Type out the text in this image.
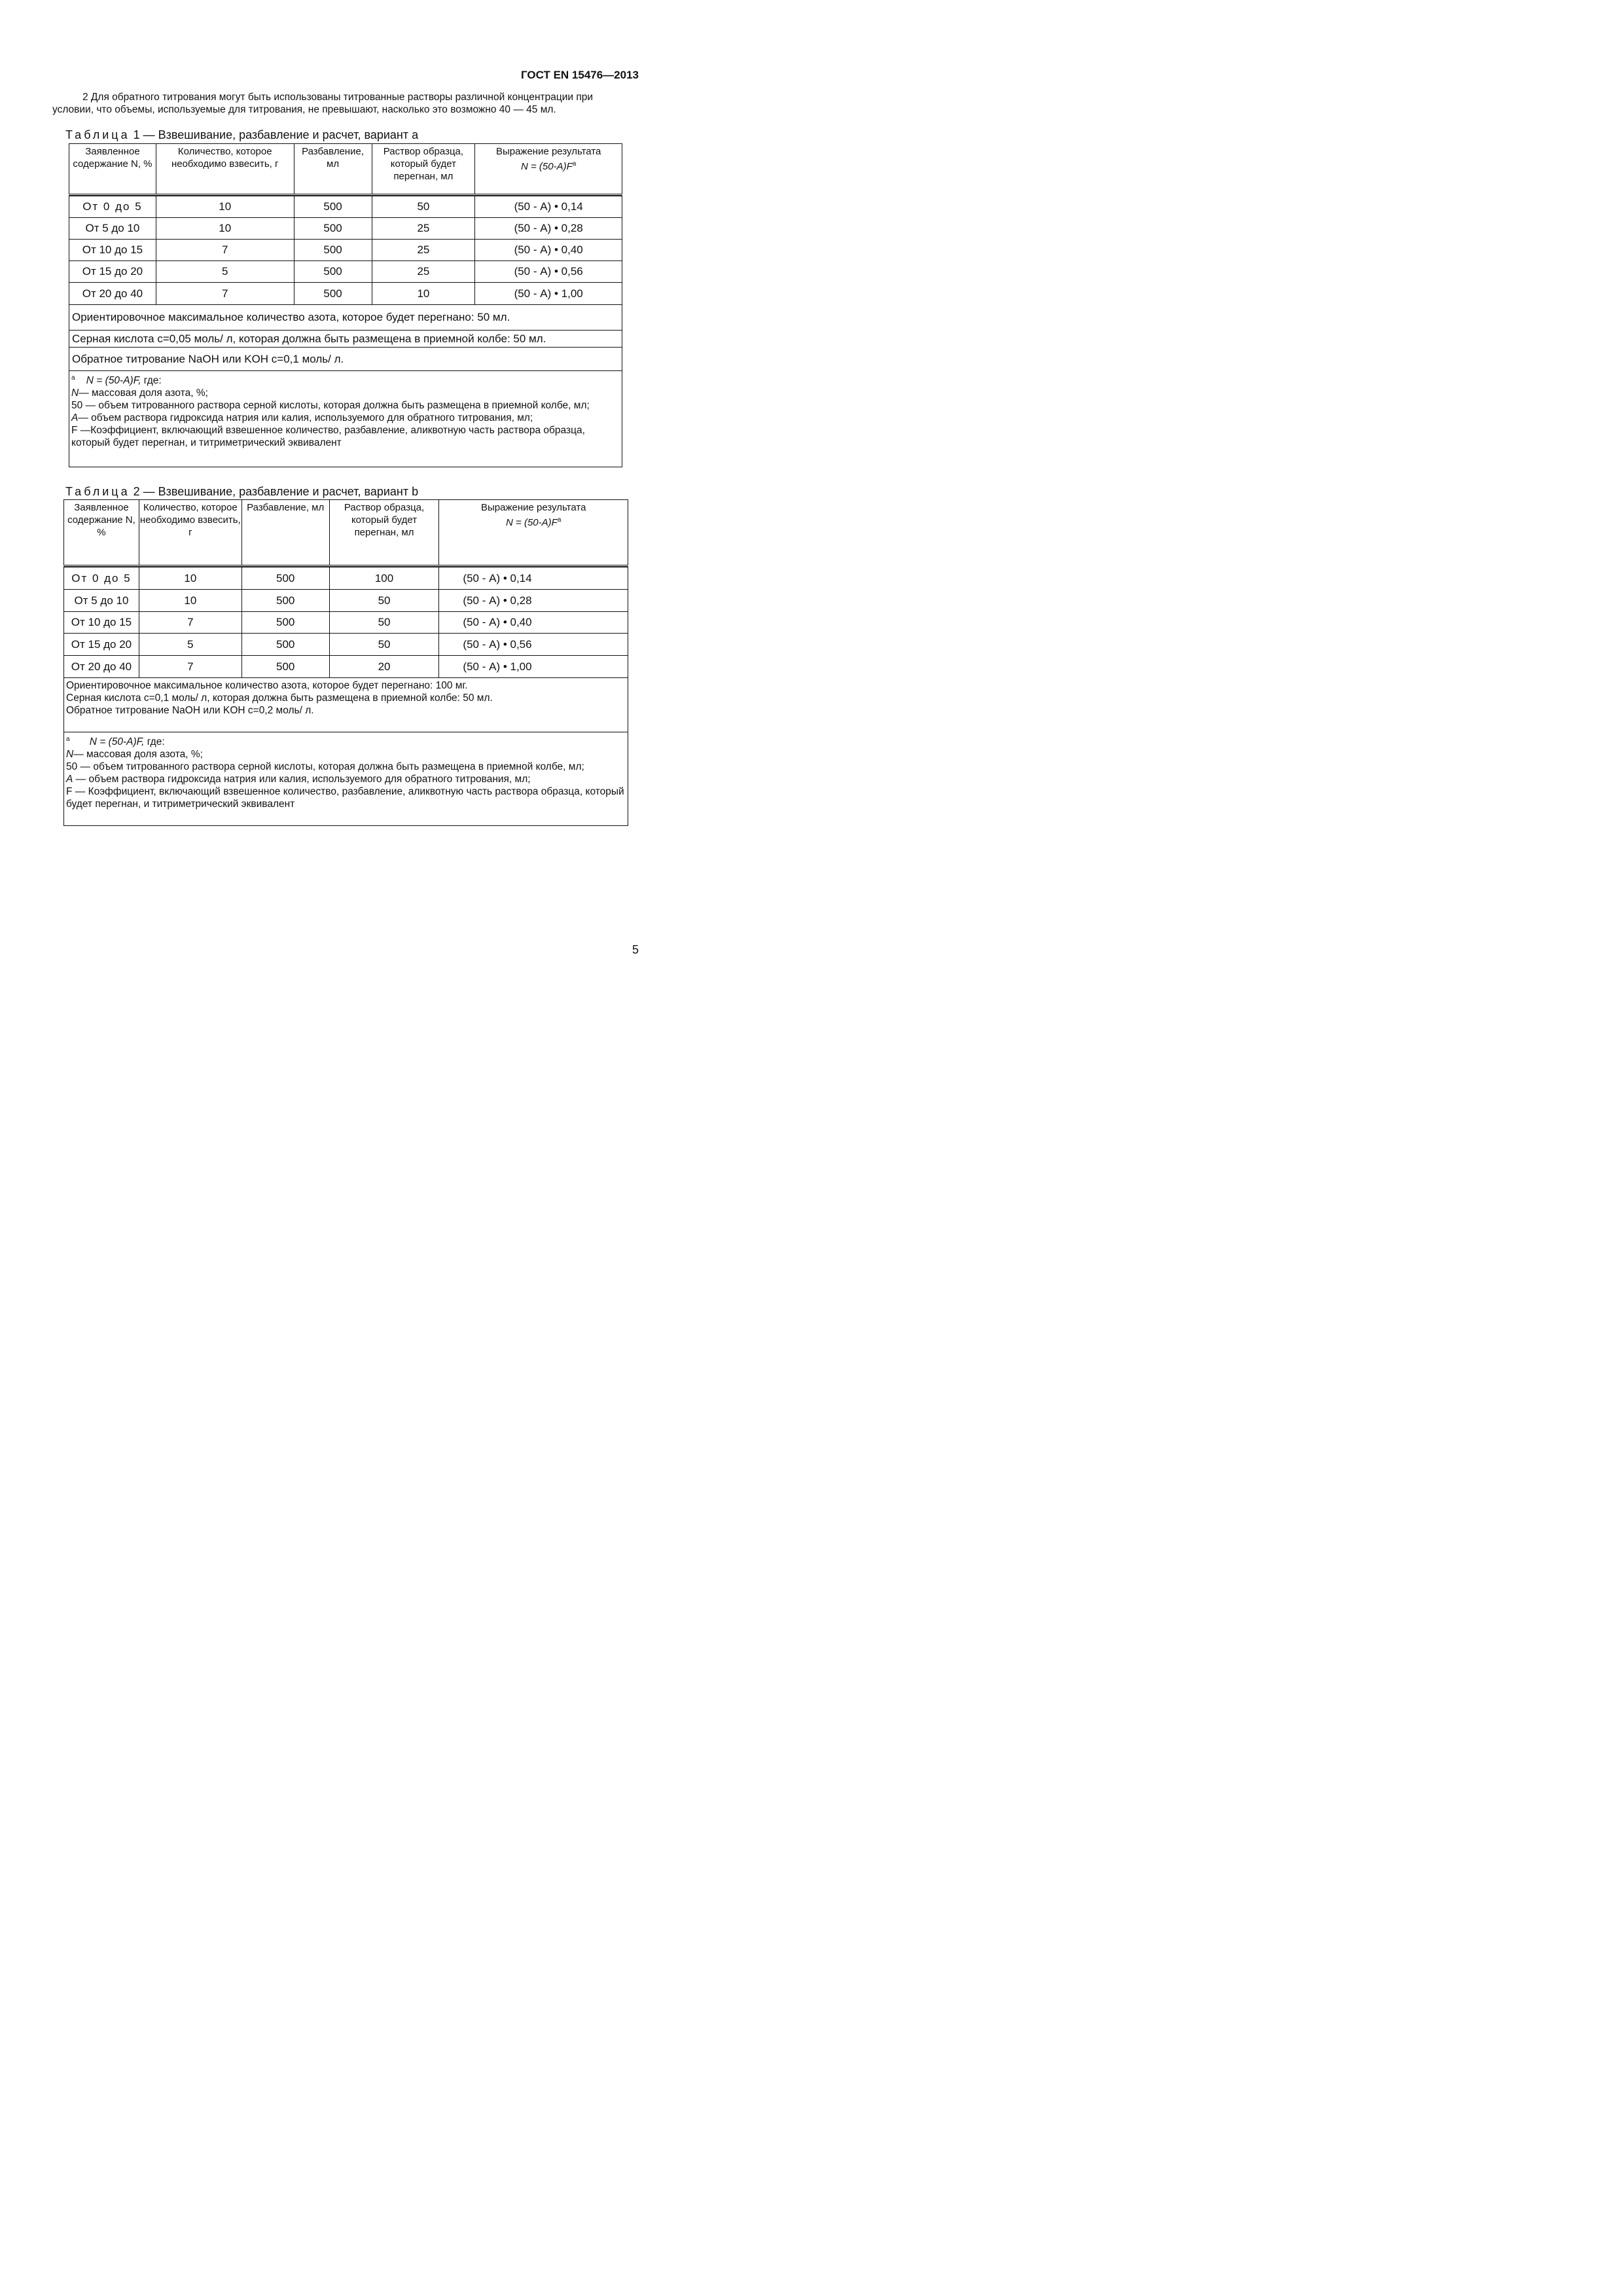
ГОСТ EN 15476—2013
2 Для обратного титрования могут быть использованы титрованные растворы различной концентрации при
условии, что объемы, используемые для титрования, не превышают, насколько это возможно 40 — 45 мл.
Таблица 1 — Взвешивание, разбавление и расчет, вариант а
Заявленное содержание N, %	Количество, которое необходимо взвесить, г	Разбавление, мл	Раствор образца, который будет перегнан, мл	Выражение результата
$N = (50-A)F^a$

От 0 до 5	10	500	50	(50 - А) • 0,14
От 5 до 10	10	500	25	(50 - А) • 0,28
От 10 до 15	7	500	25	(50 - А) • 0,40
От 15 до 20	5	500	25	(50 - А) • 0,56
От 20 до 40	7	500	10	(50 - А) • 1,00
Ориентировочное максимальное количество азота, которое будет перегнано: 50 мл.				
Серная кислота c=0,05 моль/ л, которая должна быть размещена в приемной колбе: 50 мл.				
Обратное титрование NaOH или KOH c=0,1 моль/ л.				

$^a$ N = (50-A)F, где:
N— массовая доля азота, %;
50 — объем титрованного раствора серной кислоты, которая должна быть размещена в приемной колбе, мл;
A— объем раствора гидроксида натрия или калия, используемого для обратного титрования, мл;
F —Коэффициент, включающий взвешенное количество, разбавление, аликвотную часть раствора образца, который будет перегнан, и титриметрический эквивалент				
Таблица 2 — Взвешивание, разбавление и расчет, вариант b
Заявленное содержание N, %	Количество, которое необходимо взвесить, г	Разбавление, мл	Раствор образца, который будет перегнан, мл	Выражение результата
$N = (50-A)F^a$

От 0 до 5	10	500	100	(50 - А) • 0,14
От 5 до 10	10	500	50	(50 - А) • 0,28
От 10 до 15	7	500	50	(50 - А) • 0,40
От 15 до 20	5	500	50	(50 - А) • 0,56
От 20 до 40	7	500	20	(50 - А) • 1,00

Ориентировочное максимальное количество азота, которое будет перегнано: 100 мг.
Серная кислота c=0,1 моль/ л, которая должна быть размещена в приемной колбе: 50 мл.
Обратное титрование NaOH или KOH c=0,2 моль/ л.				

$^a$ N = (50-A)F, где:
N— массовая доля азота, %;
50 — объем титрованного раствора серной кислоты, которая должна быть размещена в приемной колбе, мл;
A — объем раствора гидроксида натрия или калия, используемого для обратного титрования, мл;
F — Коэффициент, включающий взвешенное количество, разбавление, аликвотную часть раствора образца, который будет перегнан, и титриметрический эквивалент				
5
